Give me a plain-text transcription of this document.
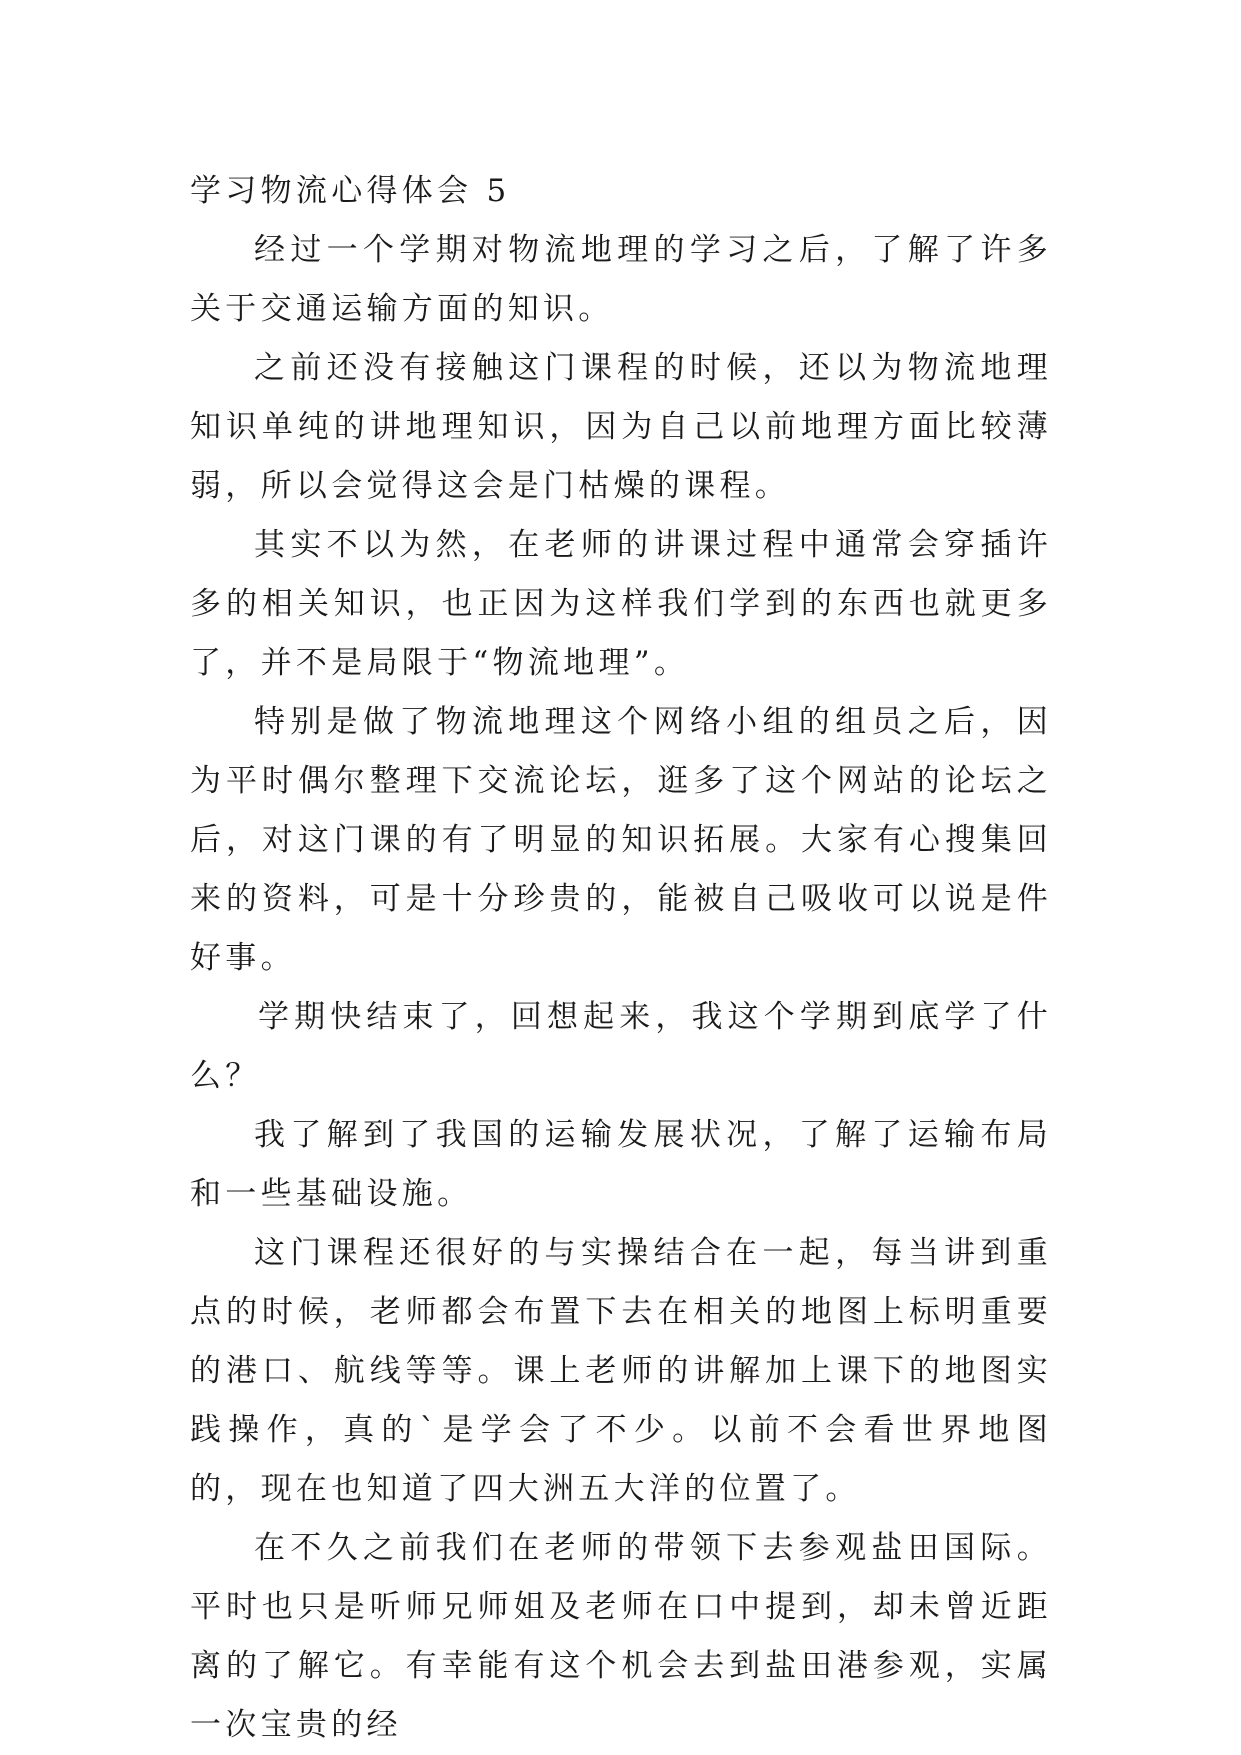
学习物流心得体会 5

经过一个学期对物流地理的学习之后，了解了许多关于交通运输方面的知识。

之前还没有接触这门课程的时候，还以为物流地理知识单纯的讲地理知识，因为自己以前地理方面比较薄弱，所以会觉得这会是门枯燥的课程。

其实不以为然，在老师的讲课过程中通常会穿插许多的相关知识，也正因为这样我们学到的东西也就更多了，并不是局限于“物流地理”。

特别是做了物流地理这个网络小组的组员之后，因为平时偶尔整理下交流论坛，逛多了这个网站的论坛之后，对这门课的有了明显的知识拓展。大家有心搜集回来的资料，可是十分珍贵的，能被自己吸收可以说是件好事。

学期快结束了，回想起来，我这个学期到底学了什么？

我了解到了我国的运输发展状况，了解了运输布局和一些基础设施。

这门课程还很好的与实操结合在一起，每当讲到重点的时候，老师都会布置下去在相关的地图上标明重要的港口、航线等等。课上老师的讲解加上课下的地图实践操作，真的`是学会了不少。以前不会看世界地图的，现在也知道了四大洲五大洋的位置了。

在不久之前我们在老师的带领下去参观盐田国际。平时也只是听师兄师姐及老师在口中提到，却未曾近距离的了解它。有幸能有这个机会去到盐田港参观，实属一次宝贵的经
